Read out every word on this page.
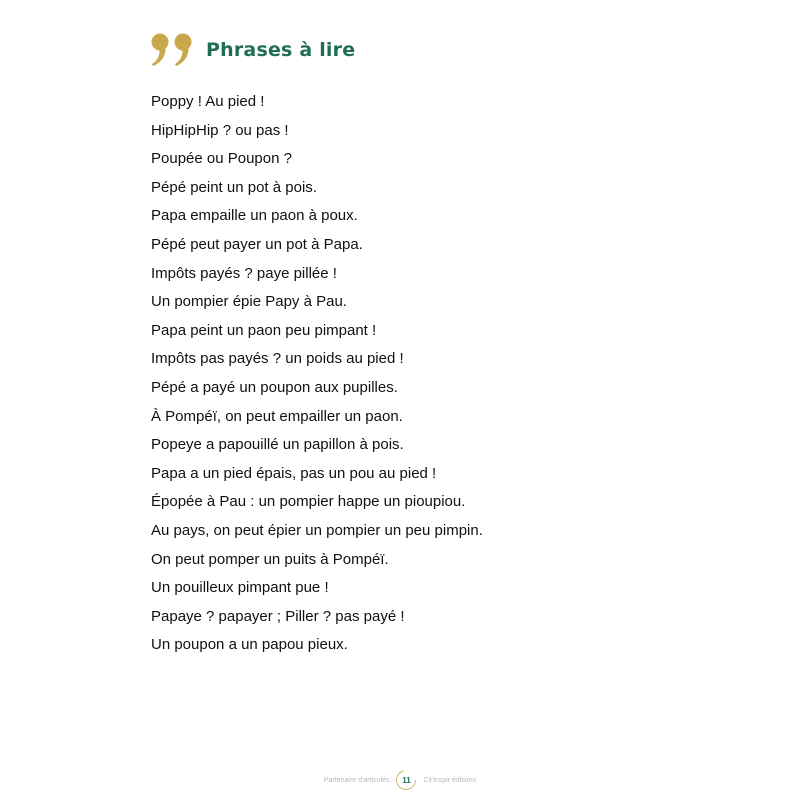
Phrases à lire
Poppy ! Au pied !
HipHipHip ? ou pas !
Poupée ou Poupon ?
Pépé peint un pot à pois.
Papa empaille un paon à poux.
Pépé peut payer un pot à Papa.
Impôts payés ? paye pillée !
Un pompier épie Papy à Pau.
Papa peint un paon peu pimpant !
Impôts pas payés ? un poids au pied !
Pépé a payé un poupon aux pupilles.
À Pompéï, on peut empailler un paon.
Popeye a papouillé un papillon à pois.
Papa a un pied épais, pas un pou au pied !
Épopée à Pau : un pompier happe un pioupiou.
Au pays, on peut épier un pompier un peu pimpin.
On peut pomper un puits à Pompéï.
Un pouilleux pimpant pue !
Papaye ? papayer ; Piller ? pas payé !
Un poupon a un papou pieux.
Partenaire d'articulés 11 Cit'inspir éditions
